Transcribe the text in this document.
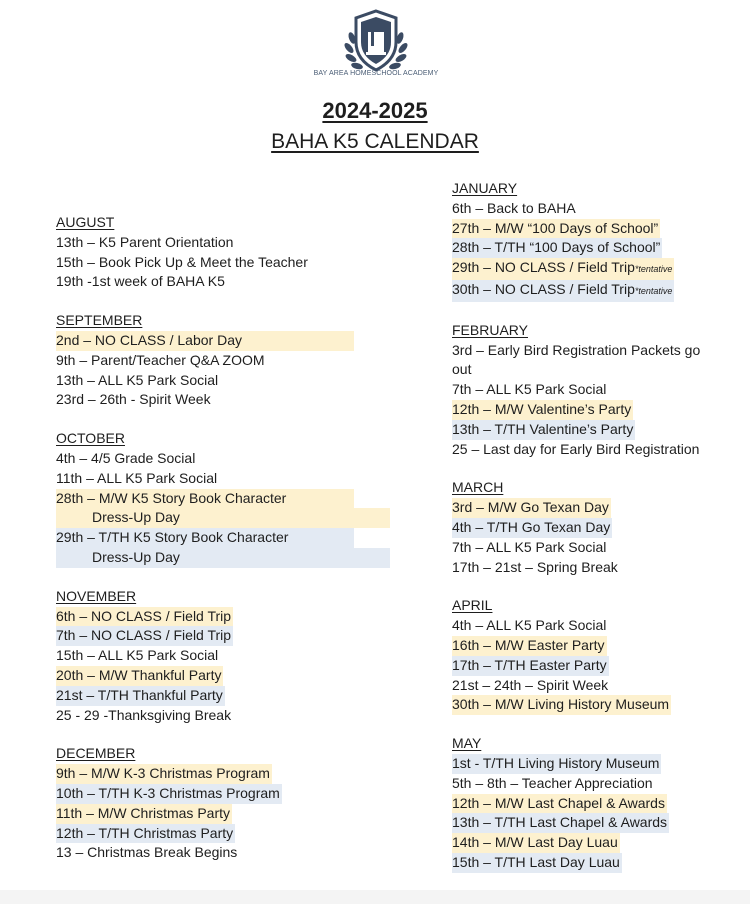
BAY AREA HOMESCHOOL ACADEMY
2024-2025
BAHA K5 CALENDAR
AUGUST
13th – K5 Parent Orientation
15th – Book Pick Up & Meet the Teacher
19th -1st week of BAHA K5
SEPTEMBER
2nd – NO CLASS / Labor Day
9th – Parent/Teacher Q&A ZOOM
13th – ALL K5 Park Social
23rd – 26th - Spirit Week
OCTOBER
4th – 4/5 Grade Social
11th – ALL K5 Park Social
28th – M/W K5 Story Book Character
Dress-Up Day
29th – T/TH K5 Story Book Character
Dress-Up Day
NOVEMBER
6th – NO CLASS / Field Trip
7th – NO CLASS / Field Trip
15th – ALL K5 Park Social
20th – M/W Thankful Party
21st – T/TH Thankful Party
25 - 29 -Thanksgiving Break
DECEMBER
9th – M/W K-3 Christmas Program
10th – T/TH K-3 Christmas Program
11th – M/W Christmas Party
12th – T/TH Christmas Party
13 – Christmas Break Begins
JANUARY
6th – Back to BAHA
27th – M/W “100 Days of School”
28th – T/TH “100 Days of School”
29th – NO CLASS / Field Trip*tentative
30th – NO CLASS / Field Trip*tentative
FEBRUARY
3rd – Early Bird Registration Packets go out
7th – ALL K5 Park Social
12th – M/W Valentine’s Party
13th – T/TH Valentine’s Party
25 – Last day for Early Bird Registration
MARCH
3rd – M/W Go Texan Day
4th – T/TH Go Texan Day
7th – ALL K5 Park Social
17th – 21st – Spring Break
APRIL
4th – ALL K5 Park Social
16th – M/W Easter Party
17th – T/TH Easter Party
21st – 24th – Spirit Week
30th – M/W Living History Museum
MAY
1st - T/TH Living History Museum
5th – 8th – Teacher Appreciation
12th – M/W Last Chapel & Awards
13th – T/TH Last Chapel & Awards
14th – M/W Last Day Luau
15th – T/TH Last Day Luau
